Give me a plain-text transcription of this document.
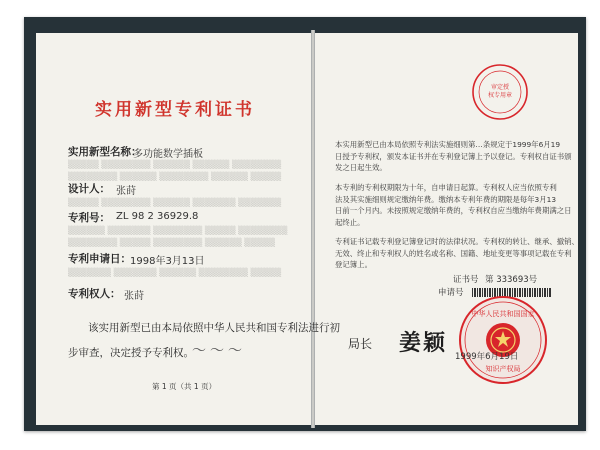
实用新型专利证书
实用新型名称：
多功能数学插板
▒▒▒▒▒ ▒▒▒▒▒▒▒▒ ▒▒▒▒▒▒ ▒▒▒▒▒▒ ▒▒▒▒▒▒▒▒
▒▒▒▒▒▒▒▒ ▒▒▒▒▒▒ ▒▒▒▒▒▒▒▒ ▒▒▒▒▒▒ ▒▒▒▒▒
设计人： 张莳
▒▒▒▒▒ ▒▒▒▒▒▒▒▒ ▒▒▒▒▒▒ ▒▒▒▒▒▒▒ ▒▒▒▒▒▒▒
专利号： ZL 98 2 36929.8
▒▒▒▒▒▒ ▒▒▒▒▒▒▒ ▒▒▒▒▒▒▒▒ ▒▒▒▒▒ ▒▒▒▒▒▒▒▒
▒▒▒▒▒▒▒▒ ▒▒▒▒▒ ▒▒▒▒▒▒▒▒ ▒▒▒▒▒▒ ▒▒▒▒▒
专利申请日： 1998年3月13日
▒▒▒▒▒▒▒ ▒▒▒▒▒▒▒ ▒▒▒▒▒▒ ▒▒▒▒▒▒▒▒ ▒▒▒▒▒
专利权人： 张莳
该实用新型已由本局依照中华人民共和国专利法进行初
步审查，决定授予专利权。
〜〜〜
第 1 页（共 1 页）
审定授
权专用章
本实用新型已由本局依照专利法实施细则第…条规定于1999年6月19
日授予专利权，颁发本证书并在专利登记簿上予以登记。专利权自证书颁
发之日起生效。
本专利的专利权期限为十年，自申请日起算。专利权人应当依照专利
法及其实施细则规定缴纳年费。缴纳本专利年费的期限是每年3月13
日前一个月内。未按照规定缴纳年费的，专利权自应当缴纳年费期满之日
起终止。
专利证书记载专利登记簿登记时的法律状况。专利权的转让、继承、撤销、
无效、终止和专利权人的姓名或名称、国籍、地址变更等事项记载在专利
登记簿上。
证书号 第 333693号
申请号
局长 姜颖
中华人民共和国国家
知识产权局
1999年6月19日
